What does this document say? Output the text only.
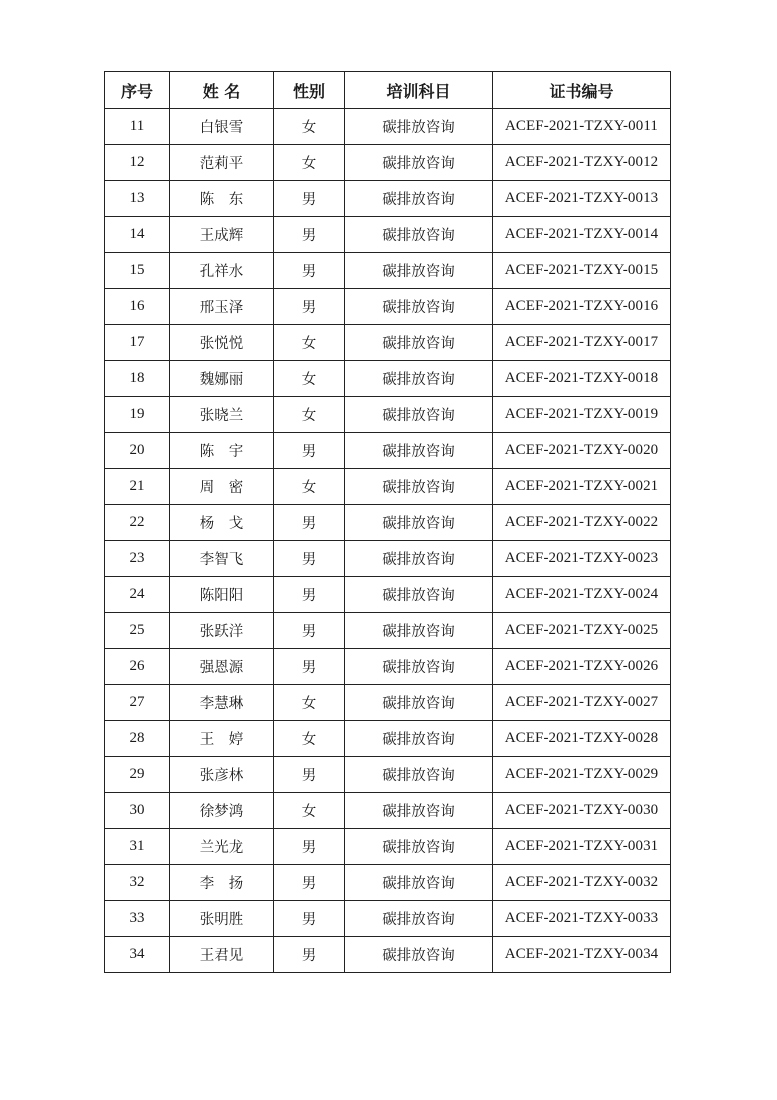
序号	姓 名	性别	培训科目	证书编号
11	白银雪	女	碳排放咨询	ACEF-2021-TZXY-0011
12	范莉平	女	碳排放咨询	ACEF-2021-TZXY-0012
13	陈　东	男	碳排放咨询	ACEF-2021-TZXY-0013
14	王成辉	男	碳排放咨询	ACEF-2021-TZXY-0014
15	孔祥水	男	碳排放咨询	ACEF-2021-TZXY-0015
16	邢玉泽	男	碳排放咨询	ACEF-2021-TZXY-0016
17	张悦悦	女	碳排放咨询	ACEF-2021-TZXY-0017
18	魏娜丽	女	碳排放咨询	ACEF-2021-TZXY-0018
19	张晓兰	女	碳排放咨询	ACEF-2021-TZXY-0019
20	陈　宇	男	碳排放咨询	ACEF-2021-TZXY-0020
21	周　密	女	碳排放咨询	ACEF-2021-TZXY-0021
22	杨　戈	男	碳排放咨询	ACEF-2021-TZXY-0022
23	李智飞	男	碳排放咨询	ACEF-2021-TZXY-0023
24	陈阳阳	男	碳排放咨询	ACEF-2021-TZXY-0024
25	张跃洋	男	碳排放咨询	ACEF-2021-TZXY-0025
26	强恩源	男	碳排放咨询	ACEF-2021-TZXY-0026
27	李慧琳	女	碳排放咨询	ACEF-2021-TZXY-0027
28	王　婷	女	碳排放咨询	ACEF-2021-TZXY-0028
29	张彦林	男	碳排放咨询	ACEF-2021-TZXY-0029
30	徐梦鸿	女	碳排放咨询	ACEF-2021-TZXY-0030
31	兰光龙	男	碳排放咨询	ACEF-2021-TZXY-0031
32	李　扬	男	碳排放咨询	ACEF-2021-TZXY-0032
33	张明胜	男	碳排放咨询	ACEF-2021-TZXY-0033
34	王君见	男	碳排放咨询	ACEF-2021-TZXY-0034
